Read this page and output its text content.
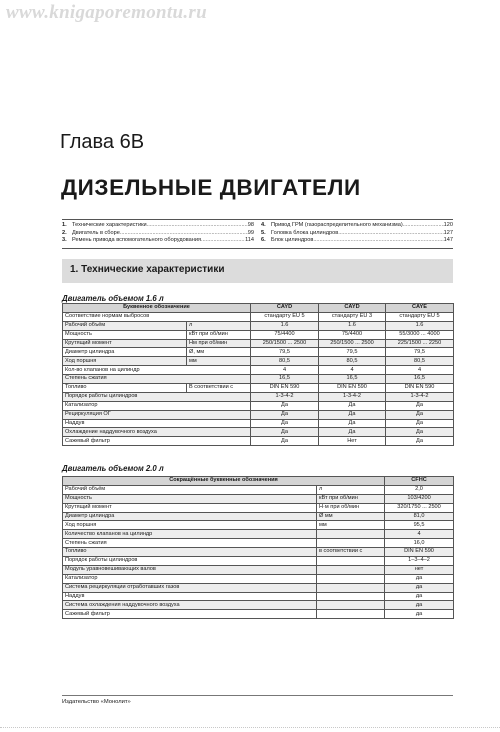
www.knigaporemontu.ru
Глава 6В
ДИЗЕЛЬНЫЕ ДВИГАТЕЛИ
1. Технические характеристики .....	98
2. Двигатель в сборе .....	99
3. Ремень привода вспомогательного оборудования .....	114
4. Привод ГРМ (газораспределительного механизма) .....	120
5. Головка блока цилиндров .....	127
6. Блок цилиндров .....	147
1. Технические характеристики
Двигатель объемом 1.6 л
Буквенное обозначение		CAYD	CAYD	CAYE
Соответствие нормам выбросов		стандарту EU 5	стандарту EU 3	стандарту EU 5
Рабочий объём	л	1.6	1.6	1.6
Мощность	кВт при об/мин	75/4400	75/4400	55/3000 ... 4000
Крутящий момент	Нм при об/мин	250/1500 ... 2500	250/1500 ... 2500	225/1500 ... 2250
Диаметр цилиндра	Ø, мм	79,5	79,5	79,5
Ход поршня	мм	80,5	80,5	80,5
Кол-во клапанов на цилиндр		4	4	4
Степень сжатия		16,5	16,5	16,5
Топливо	В соответствии с	DIN EN 590	DIN EN 590	DIN EN 590
Порядок работы цилиндров		1-3-4-2	1-3-4-2	1-3-4-2
Катализатор		Да	Да	Да
Рециркуляция ОГ		Да	Да	Да
Наддув		Да	Да	Да
Охлаждение наддувочного воздуха		Да	Да	Да
Сажевый фильтр		Да	Нет	Да
Двигатель объемом 2.0 л
Сокращённые буквенные обозначения		CFHC
Рабочий объём	л	2,0
Мощность	кВт при об/мин	103/4200
Крутящий момент	Н·м при об/мин	320/1750 ... 2500
Диаметр цилиндра	Ø мм	81,0
Ход поршня	мм	95,5
Количество клапанов на цилиндр		4
Степень сжатия		16,0
Топливо	в соответствии с	DIN EN 590
Порядок работы цилиндров		1–3–4–2
Модуль уравновешивающих валов		нет
Катализатор		да
Система рециркуляции отработавших газов		да
Наддув		да
Система охлаждения наддувочного воздуха		да
Сажевый фильтр		да
Издательство «Монолит»
